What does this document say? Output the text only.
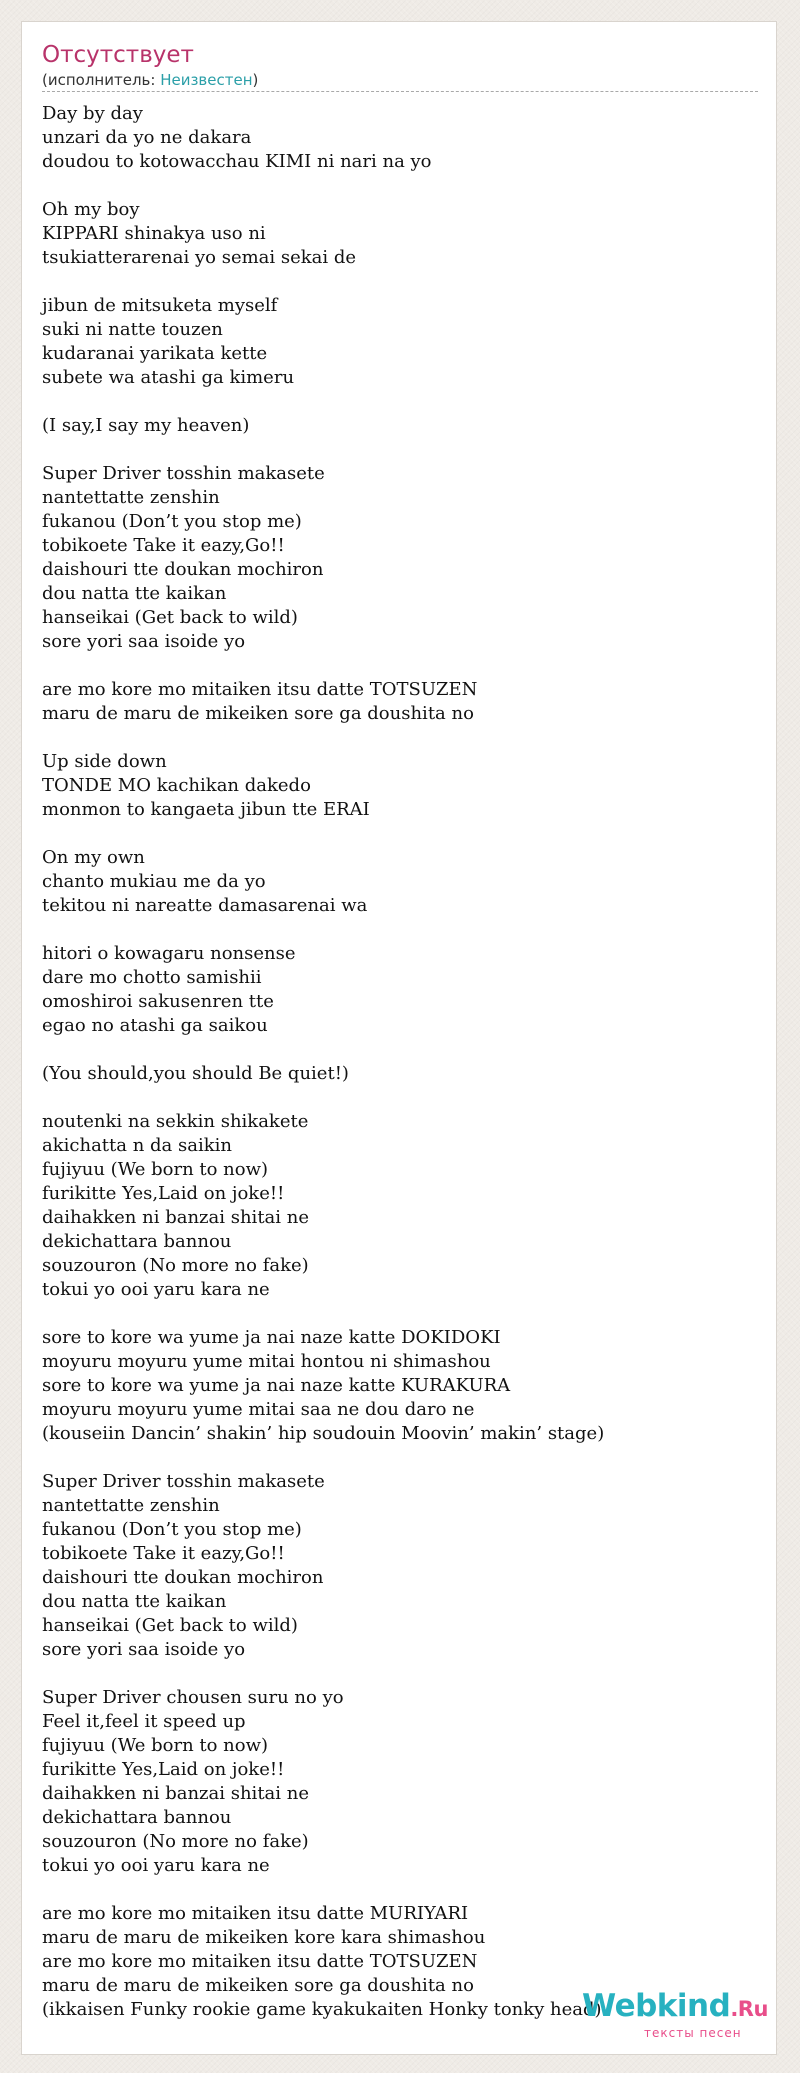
Отсутствует
(исполнитель: Неизвестен)
Day by day
unzari da yo ne dakara
doudou to kotowacchau KIMI ni nari na yo
Oh my boy
KIPPARI shinakya uso ni
tsukiatterarenai yo semai sekai de
jibun de mitsuketa myself
suki ni natte touzen
kudaranai yarikata kette
subete wa atashi ga kimeru
(I say,I say my heaven)
Super Driver tosshin makasete
nantettatte zenshin
fukanou (Don’t you stop me)
tobikoete Take it eazy,Go!!
daishouri tte doukan mochiron
dou natta tte kaikan
hanseikai (Get back to wild)
sore yori saa isoide yo
are mo kore mo mitaiken itsu datte TOTSUZEN
maru de maru de mikeiken sore ga doushita no
Up side down
TONDE MO kachikan dakedo
monmon to kangaeta jibun tte ERAI
On my own
chanto mukiau me da yo
tekitou ni nareatte damasarenai wa
hitori o kowagaru nonsense
dare mo chotto samishii
omoshiroi sakusenren tte
egao no atashi ga saikou
(You should,you should Be quiet!)
noutenki na sekkin shikakete
akichatta n da saikin
fujiyuu (We born to now)
furikitte Yes,Laid on joke!!
daihakken ni banzai shitai ne
dekichattara bannou
souzouron (No more no fake)
tokui yo ooi yaru kara ne
sore to kore wa yume ja nai naze katte DOKIDOKI
moyuru moyuru yume mitai hontou ni shimashou
sore to kore wa yume ja nai naze katte KURAKURA
moyuru moyuru yume mitai saa ne dou daro ne
(kouseiin Dancin’ shakin’ hip soudouin Moovin’ makin’ stage)
Super Driver tosshin makasete
nantettatte zenshin
fukanou (Don’t you stop me)
tobikoete Take it eazy,Go!!
daishouri tte doukan mochiron
dou natta tte kaikan
hanseikai (Get back to wild)
sore yori saa isoide yo
Super Driver chousen suru no yo
Feel it,feel it speed up
fujiyuu (We born to now)
furikitte Yes,Laid on joke!!
daihakken ni banzai shitai ne
dekichattara bannou
souzouron (No more no fake)
tokui yo ooi yaru kara ne
are mo kore mo mitaiken itsu datte MURIYARI
maru de maru de mikeiken kore kara shimashou
are mo kore mo mitaiken itsu datte TOTSUZEN
maru de maru de mikeiken sore ga doushita no
(ikkaisen Funky rookie game kyakukaiten Honky tonky head)
Webkind.Ru
тексты песен
